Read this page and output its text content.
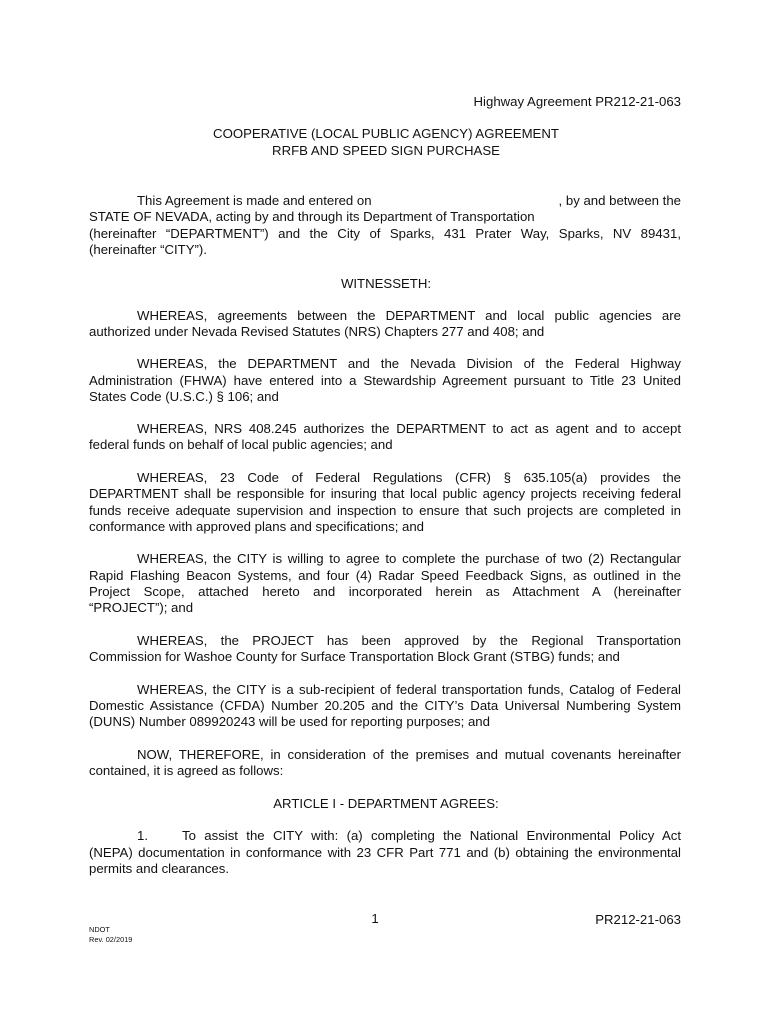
Highway Agreement PR212-21-063
COOPERATIVE (LOCAL PUBLIC AGENCY) AGREEMENT
RRFB AND SPEED SIGN PURCHASE
This Agreement is made and entered on	, by and between the
STATE OF NEVADA, acting by and through its Department of Transportation
(hereinafter “DEPARTMENT”) and the City of Sparks, 431 Prater Way, Sparks, NV 89431,
(hereinafter “CITY”).
WITNESSETH:
WHEREAS, agreements between the DEPARTMENT and local public agencies are
authorized under Nevada Revised Statutes (NRS) Chapters 277 and 408; and
WHEREAS, the DEPARTMENT and the Nevada Division of the Federal Highway
Administration (FHWA) have entered into a Stewardship Agreement pursuant to Title 23 United
States Code (U.S.C.) § 106; and
WHEREAS, NRS 408.245 authorizes the DEPARTMENT to act as agent and to accept
federal funds on behalf of local public agencies; and
WHEREAS, 23 Code of Federal Regulations (CFR) § 635.105(a) provides the
DEPARTMENT shall be responsible for insuring that local public agency projects receiving federal
funds receive adequate supervision and inspection to ensure that such projects are completed in
conformance with approved plans and specifications; and
WHEREAS, the CITY is willing to agree to complete the purchase of two (2) Rectangular
Rapid Flashing Beacon Systems, and four (4) Radar Speed Feedback Signs, as outlined in the
Project Scope, attached hereto and incorporated herein as Attachment A (hereinafter
“PROJECT”); and
WHEREAS, the PROJECT has been approved by the Regional Transportation
Commission for Washoe County for Surface Transportation Block Grant (STBG) funds; and
WHEREAS, the CITY is a sub-recipient of federal transportation funds, Catalog of Federal
Domestic Assistance (CFDA) Number 20.205 and the CITY’s Data Universal Numbering System
(DUNS) Number 089920243 will be used for reporting purposes; and
NOW, THEREFORE, in consideration of the premises and mutual covenants hereinafter
contained, it is agreed as follows:
ARTICLE I - DEPARTMENT AGREES:
1.	To assist the CITY with: (a) completing the National Environmental Policy Act
(NEPA) documentation in conformance with 23 CFR Part 771 and (b) obtaining the environmental
permits and clearances.
1	PR212-21-063
NDOT
Rev. 02/2019
